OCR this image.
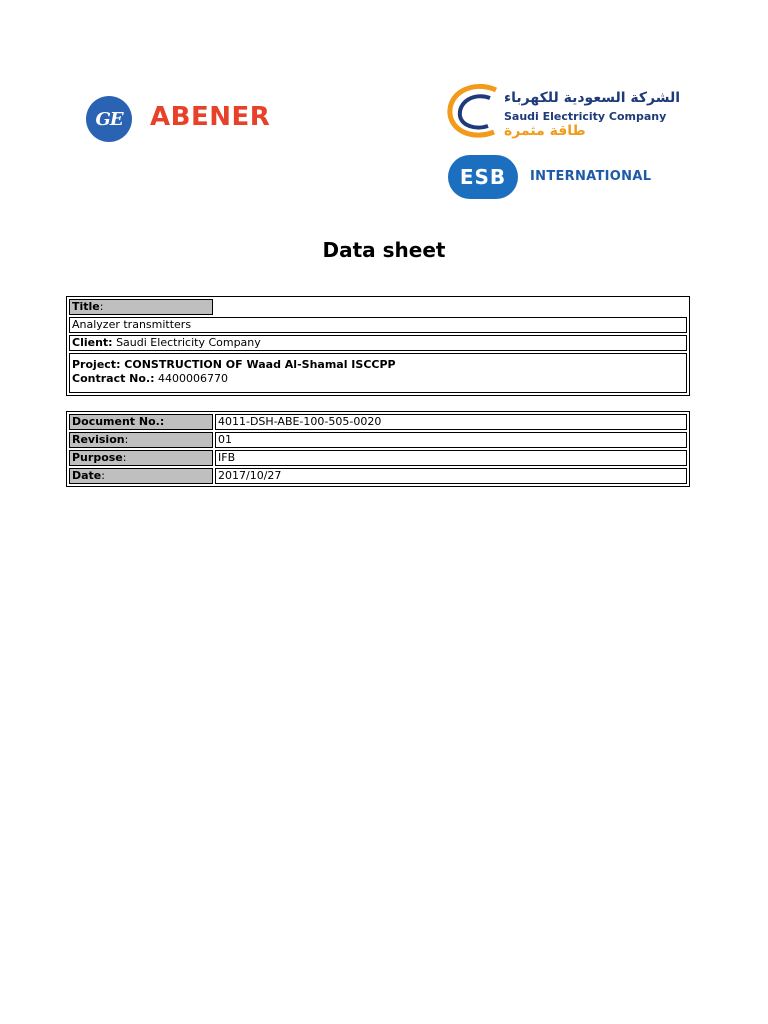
GE ABENER
الشركة السعودية للكهرباء
Saudi Electricity Company
طاقة مثمرة
ESB INTERNATIONAL
Data sheet
Title:	
Analyzer transmitters
Client: Saudi Electricity Company
Project: CONSTRUCTION OF Waad Al-Shamal ISCCPP
Contract No.: 4400006770
Document No.:	4011-DSH-ABE-100-505-0020
Revision:	01
Purpose:	IFB
Date:	2017/10/27
